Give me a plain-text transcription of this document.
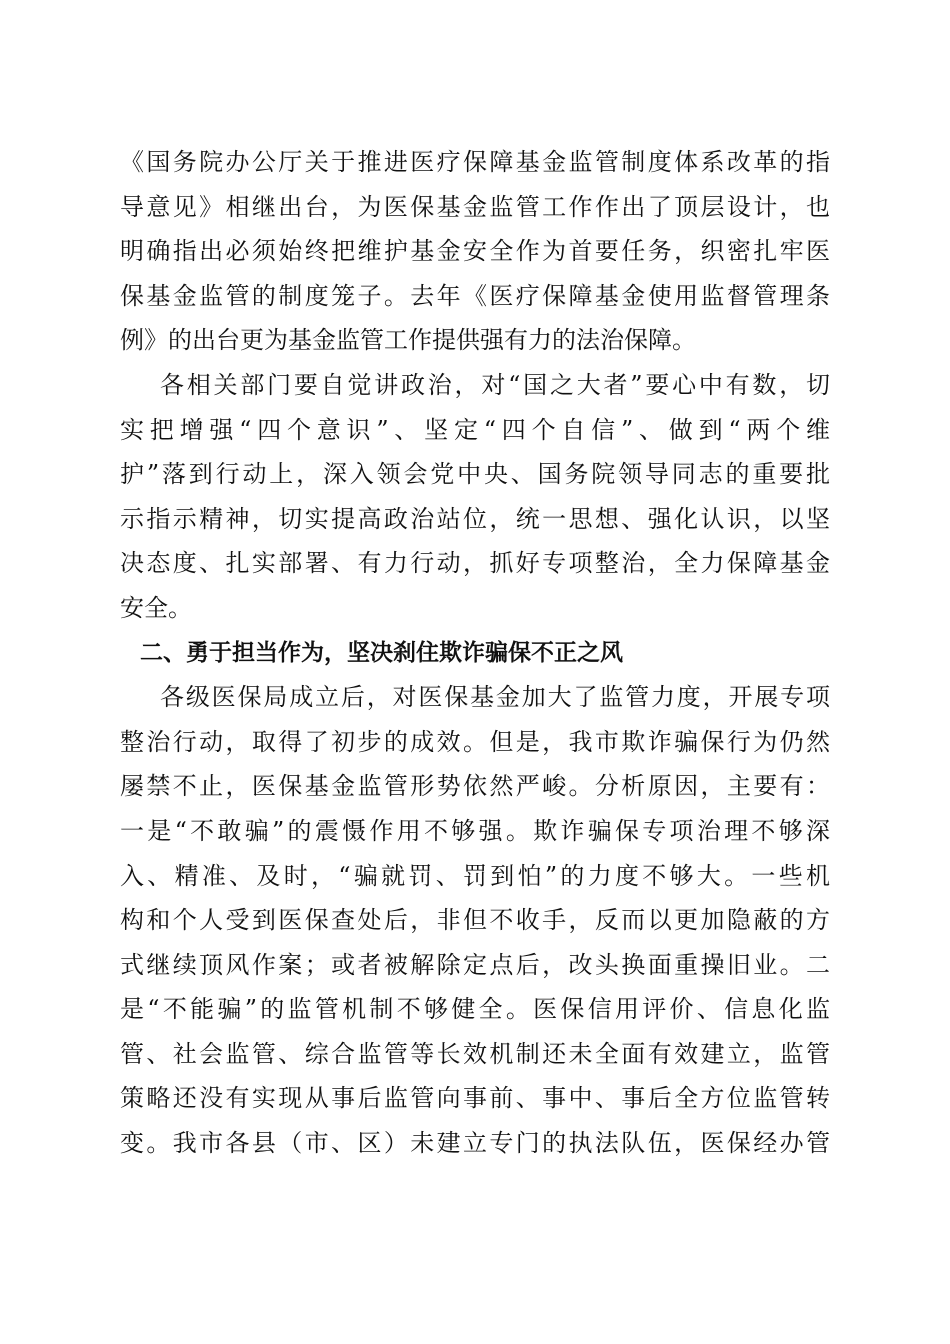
《国务院办公厅关于推进医疗保障基金监管制度体系改革的指
导意见》相继出台，为医保基金监管工作作出了顶层设计，也
明确指出必须始终把维护基金安全作为首要任务，织密扎牢医
保基金监管的制度笼子。去年《医疗保障基金使用监督管理条
例》的出台更为基金监管工作提供强有力的法治保障。
各相关部门要自觉讲政治，对“国之大者”要心中有数，切
实把增强“四个意识”、坚定“四个自信”、做到“两个维
护”落到行动上，深入领会党中央、国务院领导同志的重要批
示指示精神，切实提高政治站位，统一思想、强化认识，以坚
决态度、扎实部署、有力行动，抓好专项整治，全力保障基金
安全。
二、勇于担当作为，坚决刹住欺诈骗保不正之风
各级医保局成立后，对医保基金加大了监管力度，开展专项
整治行动，取得了初步的成效。但是，我市欺诈骗保行为仍然
屡禁不止，医保基金监管形势依然严峻。分析原因，主要有：
一是“不敢骗”的震慑作用不够强。欺诈骗保专项治理不够深
入、精准、及时，“骗就罚、罚到怕”的力度不够大。一些机
构和个人受到医保查处后，非但不收手，反而以更加隐蔽的方
式继续顶风作案；或者被解除定点后，改头换面重操旧业。二
是“不能骗”的监管机制不够健全。医保信用评价、信息化监
管、社会监管、综合监管等长效机制还未全面有效建立，监管
策略还没有实现从事后监管向事前、事中、事后全方位监管转
变。我市各县（市、区）未建立专门的执法队伍，医保经办管
